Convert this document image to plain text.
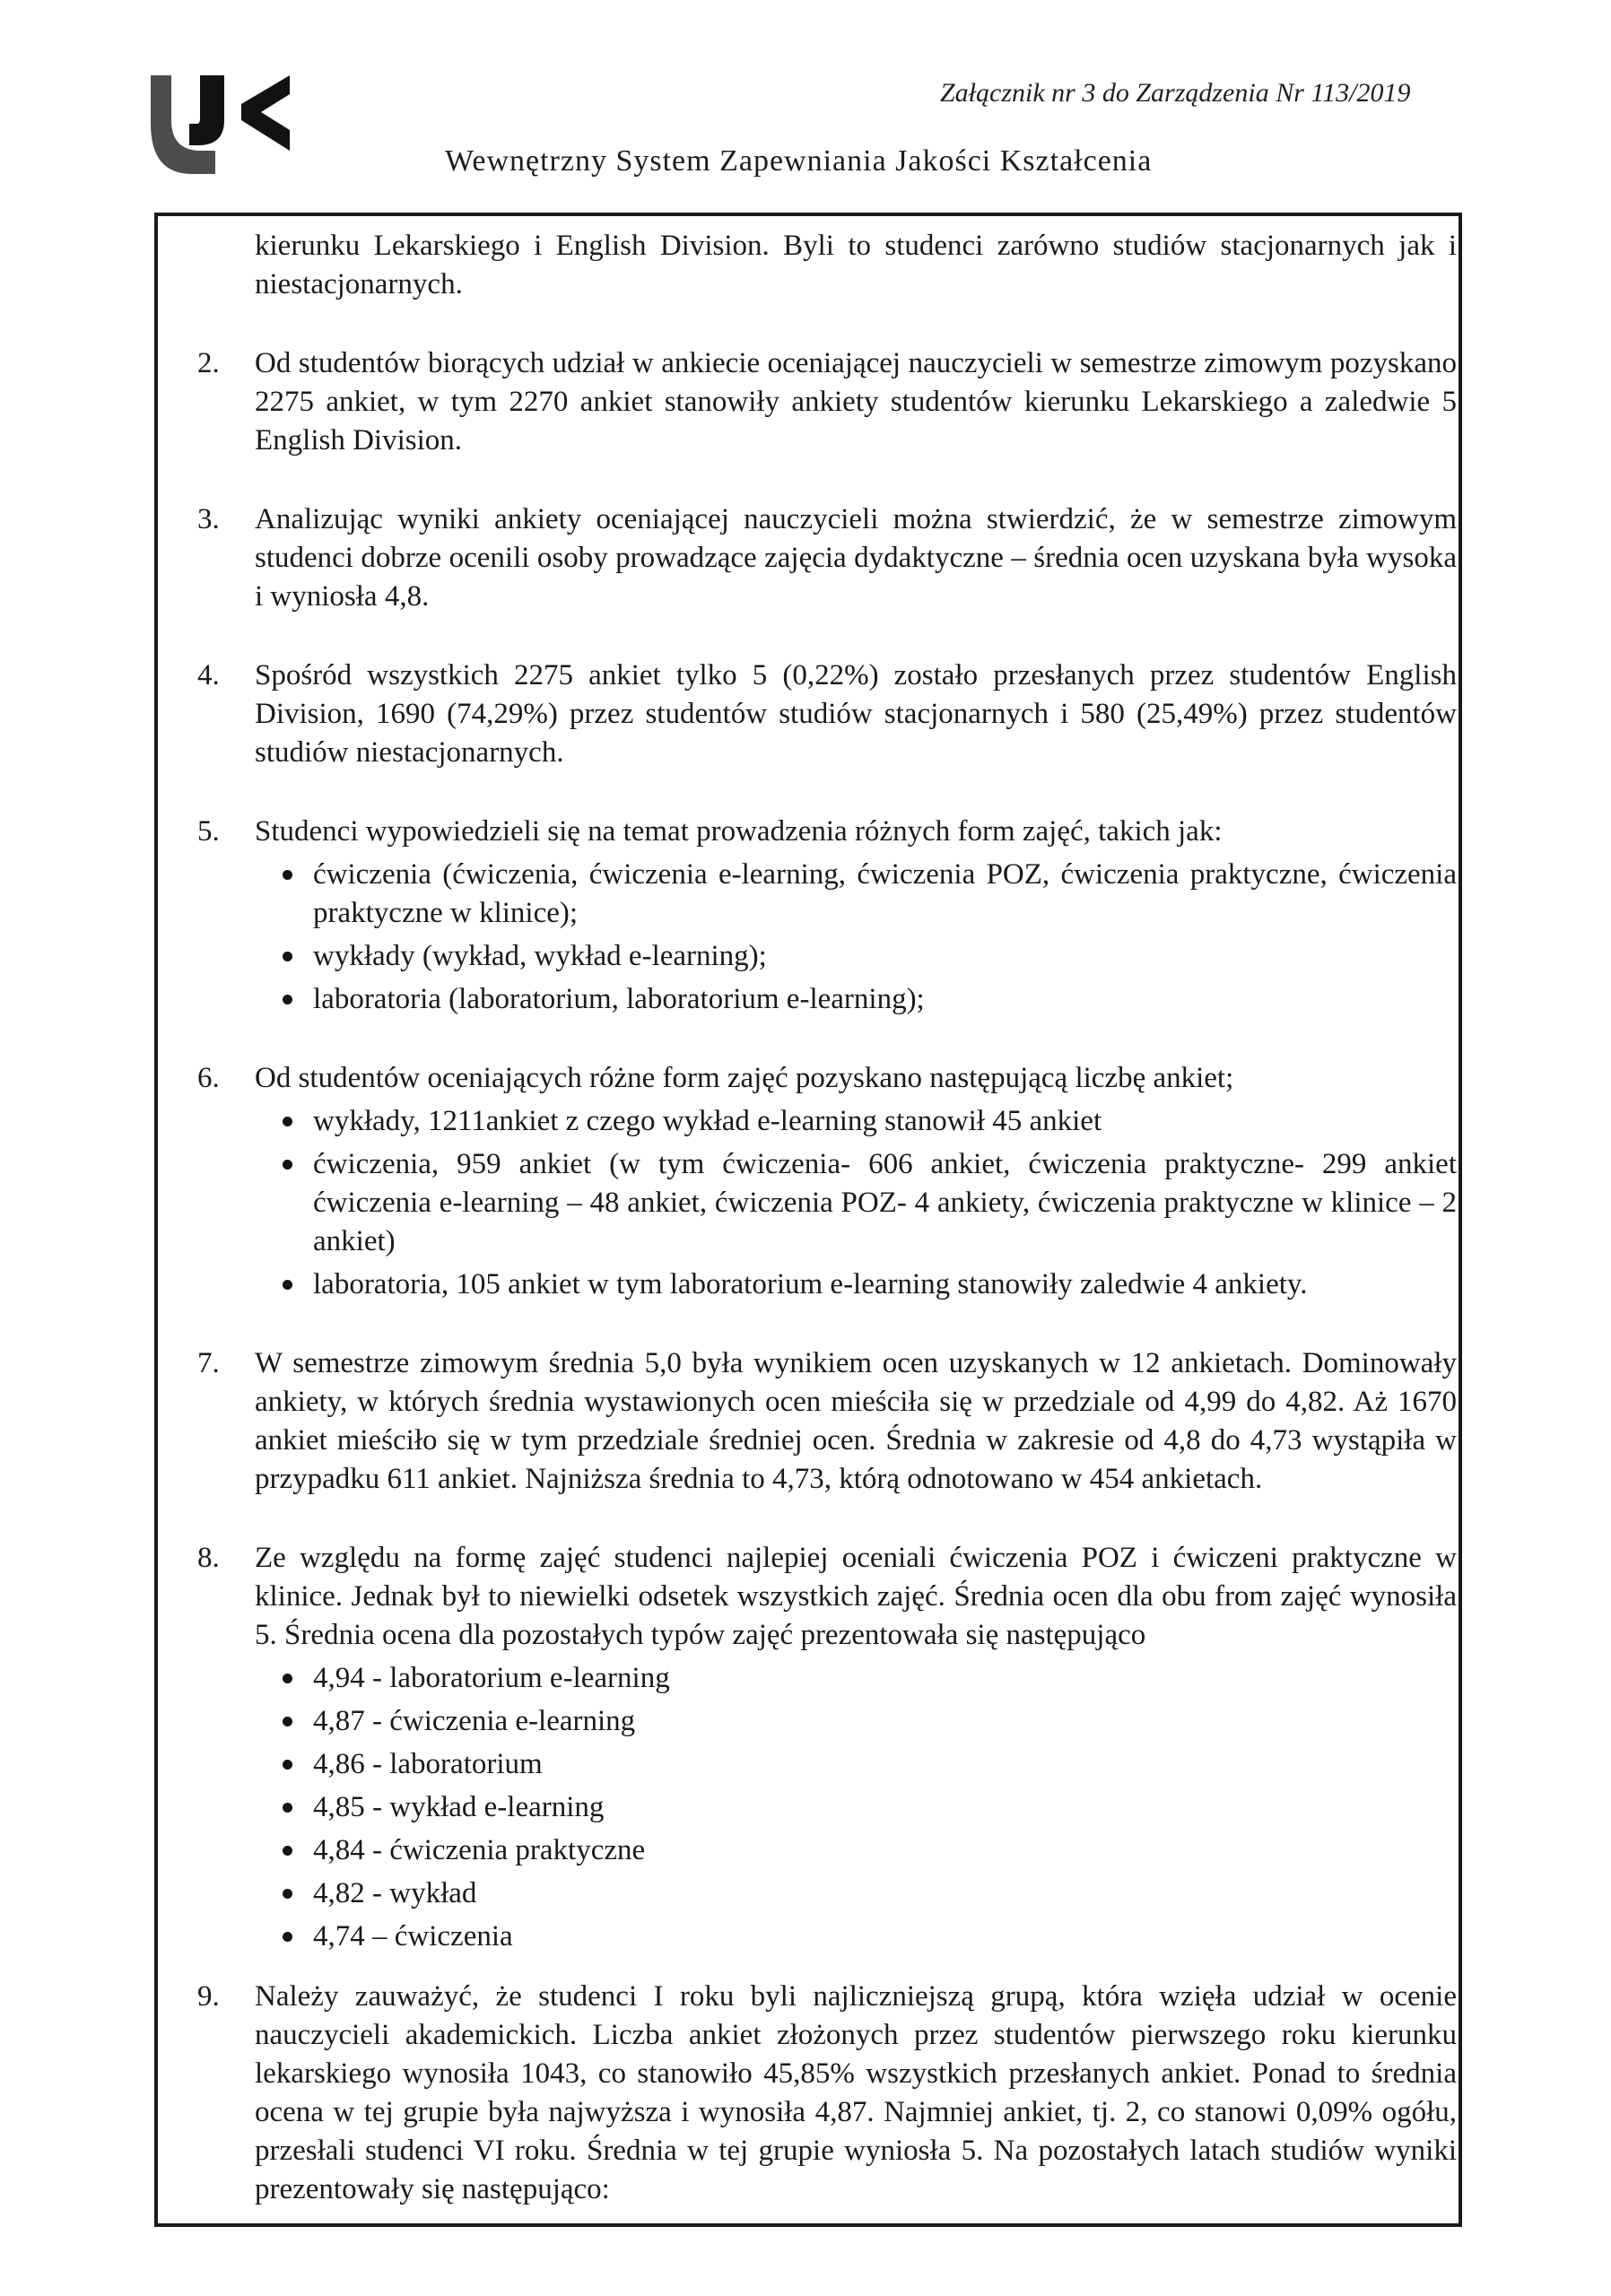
Załącznik nr 3 do Zarządzenia Nr 113/2019
Wewnętrzny System Zapewniania Jakości Kształcenia
kierunku Lekarskiego i English Division. Byli to studenci zarówno studiów stacjonarnych jak i niestacjonarnych.
2.	Od studentów biorących udział w ankiecie oceniającej nauczycieli w semestrze zimowym pozyskano 2275 ankiet, w tym 2270 ankiet stanowiły ankiety studentów kierunku Lekarskiego a zaledwie 5 English Division.
3.	Analizując wyniki ankiety oceniającej nauczycieli można stwierdzić, że w semestrze zimowym studenci dobrze ocenili osoby prowadzące zajęcia dydaktyczne – średnia ocen uzyskana była wysoka i wyniosła 4,8.
4.	Spośród wszystkich 2275 ankiet tylko 5 (0,22%) zostało przesłanych przez studentów English Division, 1690 (74,29%) przez studentów studiów stacjonarnych i 580 (25,49%) przez studentów studiów niestacjonarnych.
5.	Studenci wypowiedzieli się na temat prowadzenia różnych form zajęć, takich jak:
ćwiczenia (ćwiczenia, ćwiczenia e-learning, ćwiczenia POZ, ćwiczenia praktyczne, ćwiczenia praktyczne w klinice);
wykłady (wykład, wykład e-learning);
laboratoria (laboratorium, laboratorium e-learning);
6.	Od studentów oceniających różne form zajęć pozyskano następującą liczbę ankiet;
wykłady, 1211ankiet z czego wykład e-learning stanowił 45 ankiet
ćwiczenia, 959 ankiet (w tym ćwiczenia- 606 ankiet, ćwiczenia praktyczne- 299 ankiet ćwiczenia e-learning – 48 ankiet, ćwiczenia POZ- 4 ankiety, ćwiczenia praktyczne w klinice – 2 ankiet)
laboratoria, 105 ankiet w tym laboratorium e-learning stanowiły zaledwie 4 ankiety.
7.	W semestrze zimowym średnia 5,0 była wynikiem ocen uzyskanych w 12 ankietach. Dominowały ankiety, w których średnia wystawionych ocen mieściła się w przedziale od 4,99 do 4,82. Aż 1670 ankiet mieściło się w tym przedziale średniej ocen. Średnia w zakresie od 4,8 do 4,73 wystąpiła w przypadku 611 ankiet. Najniższa średnia to 4,73, którą odnotowano w 454 ankietach.
8.	Ze względu na formę zajęć studenci najlepiej oceniali ćwiczenia POZ i ćwiczeni praktyczne w klinice. Jednak był to niewielki odsetek wszystkich zajęć. Średnia ocen dla obu from zajęć wynosiła 5. Średnia ocena dla pozostałych typów zajęć prezentowała się następująco
4,94 - laboratorium e-learning
4,87 - ćwiczenia e-learning
4,86 - laboratorium
4,85 - wykład e-learning
4,84 - ćwiczenia praktyczne
4,82 - wykład
4,74 – ćwiczenia
9.	Należy zauważyć, że studenci I roku byli najliczniejszą grupą, która wzięła udział w ocenie nauczycieli akademickich. Liczba ankiet złożonych przez studentów pierwszego roku kierunku lekarskiego wynosiła 1043, co stanowiło 45,85% wszystkich przesłanych ankiet. Ponad to średnia ocena w tej grupie była najwyższa i wynosiła 4,87. Najmniej ankiet, tj. 2, co stanowi 0,09% ogółu, przesłali studenci VI roku. Średnia w tej grupie wyniosła 5. Na pozostałych latach studiów wyniki prezentowały się następująco:
